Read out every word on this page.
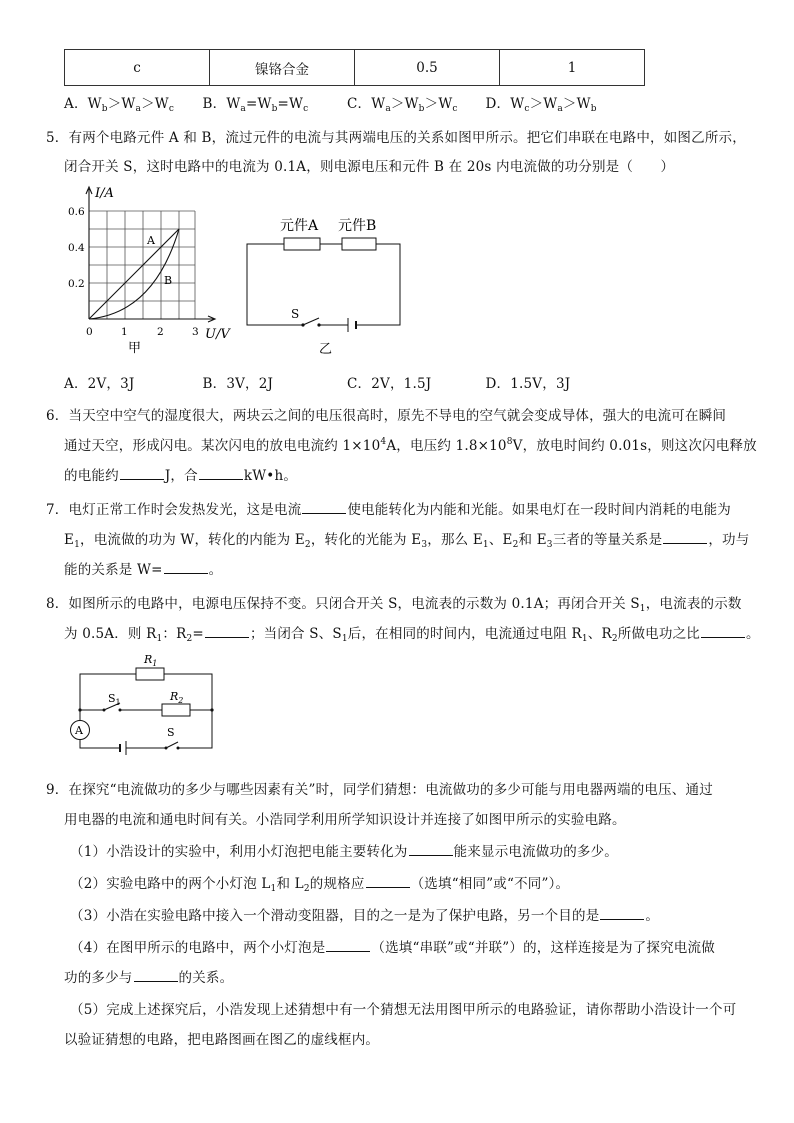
c	镍铬合金	0.5	1
A．Wb＞Wa＞Wc B．Wa=Wb=Wc	C．Wa＞Wb＞Wc D．Wc＞Wa＞Wb
5．有两个电路元件 A 和 B，流过元件的电流与其两端电压的关系如图甲所示。把它们串联在电路中，如图乙所示，
闭合开关 S，这时电路中的电流为 0.1A，则电源电压和元件 B 在 20s 内电流做的功分别是（　　）
I/A
U/V
0.6
0.4
0.2
0	1	2	3
A
B
甲
元件A 元件B
S
乙
A．2V，3J	B．3V，2J	C．2V，1.5J	D．1.5V，3J
6．当天空中空气的湿度很大，两块云之间的电压很高时，原先不导电的空气就会变成导体，强大的电流可在瞬间
通过天空，形成闪电。某次闪电的放电电流约 $1\times 10^4A$，电压约 $1.8\times 10^8V$，放电时间约 0.01s，则这次闪电释放
的电能约	J，合	kW•h。
7．电灯正常工作时会发热发光，这是电流	使电能转化为内能和光能。如果电灯在一段时间内消耗的电能为
$E_1$，电流做的功为 W，转化的内能为 $E_2$，转化的光能为 $E_3$，那么 $E_1$、$E_2$和 $E_3$三者的等量关系是	，功与
能的关系是 W=	。
8．如图所示的电路中，电源电压保持不变。只闭合开关 S，电流表的示数为 0.1A；再闭合开关 $S_1$，电流表的示数
为 0.5A．则 $R_1$：$R_2=$	；当闭合 S、$S_1$后，在相同的时间内，电流通过电阻 $R_1$、$R_2$所做电功之比	。
A
$R_1$
$R_2$
$S_1$
S
9．在探究“电流做功的多少与哪些因素有关”时，同学们猜想：电流做功的多少可能与用电器两端的电压、通过
用电器的电流和通电时间有关。小浩同学利用所学知识设计并连接了如图甲所示的实验电路。
（1）小浩设计的实验中，利用小灯泡把电能主要转化为	能来显示电流做功的多少。
（2）实验电路中的两个小灯泡 $L_1$和 $L_2$的规格应	（选填“相同”或“不同”）。
（3）小浩在实验电路中接入一个滑动变阻器，目的之一是为了保护电路，另一个目的是	。
（4）在图甲所示的电路中，两个小灯泡是	（选填“串联”或“并联”）的，这样连接是为了探究电流做
功的多少与	的关系。
（5）完成上述探究后，小浩发现上述猜想中有一个猜想无法用图甲所示的电路验证，请你帮助小浩设计一个可
以验证猜想的电路，把电路图画在图乙的虚线框内。
